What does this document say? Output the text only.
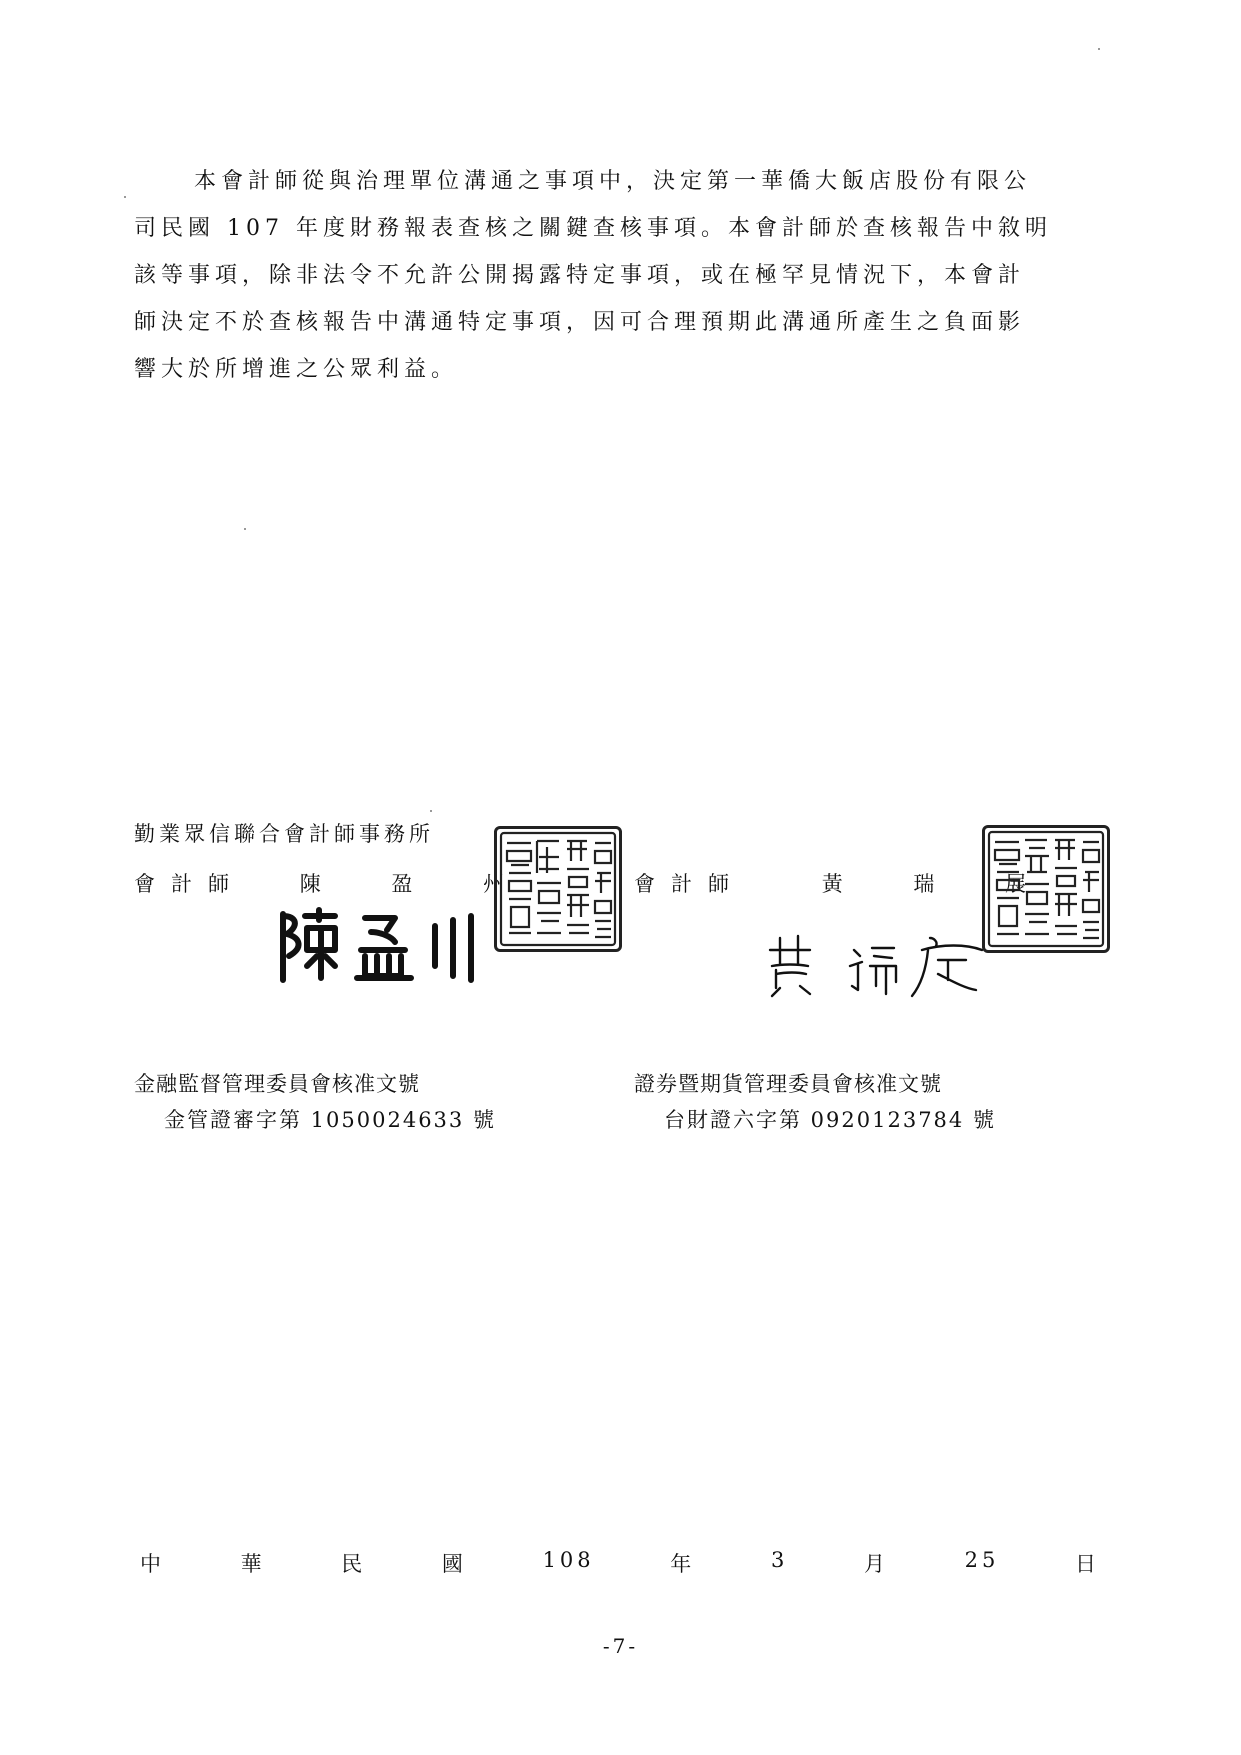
本會計師從與治理單位溝通之事項中，決定第一華僑大飯店股份有限公
司民國 107 年度財務報表查核之關鍵查核事項。本會計師於查核報告中敘明
該等事項，除非法令不允許公開揭露特定事項，或在極罕見情況下，本會計
師決定不於查核報告中溝通特定事項，因可合理預期此溝通所產生之負面影
響大於所增進之公眾利益。
勤業眾信聯合會計師事務所
會計師	陳	盈	州	會計師	黃	瑞	展
金融監督管理委員會核准文號
金管證審字第 1050024633 號
證券暨期貨管理委員會核准文號
台財證六字第 0920123784 號
中	華	民	國	108	年	3	月	25	日
-7-
